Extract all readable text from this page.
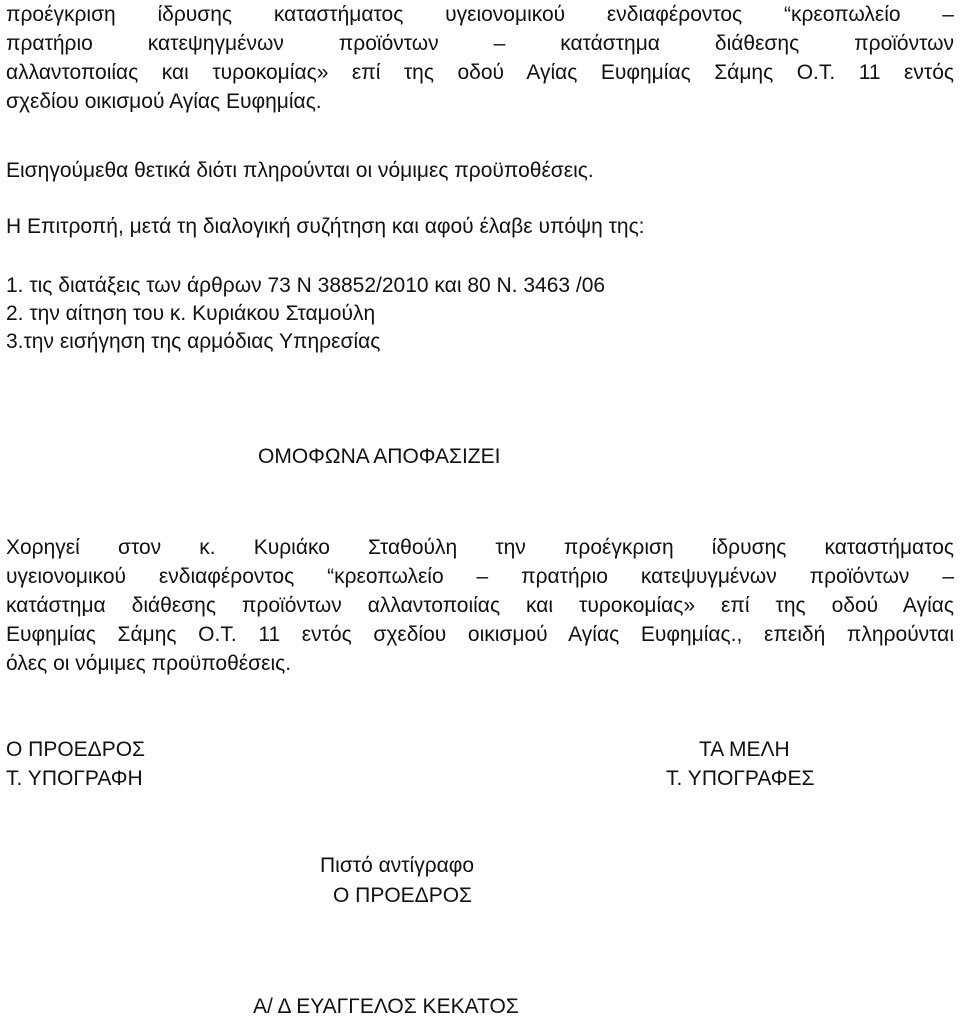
προέγκριση ίδρυσης καταστήματος υγειονομικού ενδιαφέροντος “κρεοπωλείο –
πρατήριο κατεψηγμένων προϊόντων – κατάστημα διάθεσης προϊόντων
αλλαντοποιίας και τυροκομίας» επί της οδού Αγίας Ευφημίας Σάμης Ο.Τ. 11 εντός
σχεδίου οικισμού Αγίας Ευφημίας.
Εισηγούμεθα θετικά διότι πληρούνται οι νόμιμες προϋποθέσεις.
Η Επιτροπή, μετά τη διαλογική συζήτηση και αφού έλαβε υπόψη της:
1. τις διατάξεις των άρθρων 73 Ν 38852/2010 και 80 Ν. 3463 /06
2. την αίτηση του κ. Κυριάκου Σταμούλη
3.την εισήγηση της αρμόδιας Υπηρεσίας
ΟΜΟΦΩΝΑ ΑΠΟΦΑΣΙΖΕΙ
Χορηγεί στον κ. Κυριάκο Σταθούλη την προέγκριση ίδρυσης καταστήματος
υγειονομικού ενδιαφέροντος “κρεοπωλείο – πρατήριο κατεψυγμένων προϊόντων –
κατάστημα διάθεσης προϊόντων αλλαντοποιίας και τυροκομίας» επί της οδού Αγίας
Ευφημίας Σάμης Ο.Τ. 11 εντός σχεδίου οικισμού Αγίας Ευφημίας., επειδή πληρούνται
όλες οι νόμιμες προϋποθέσεις.
Ο ΠΡΟΕΔΡΟΣ
Τ. ΥΠΟΓΡΑΦΗ
ΤΑ ΜΕΛΗ
Τ. ΥΠΟΓΡΑΦΕΣ
Πιστό αντίγραφο
Ο ΠΡΟΕΔΡΟΣ
Α/ Δ ΕΥΑΓΓΕΛΟΣ ΚΕΚΑΤΟΣ
